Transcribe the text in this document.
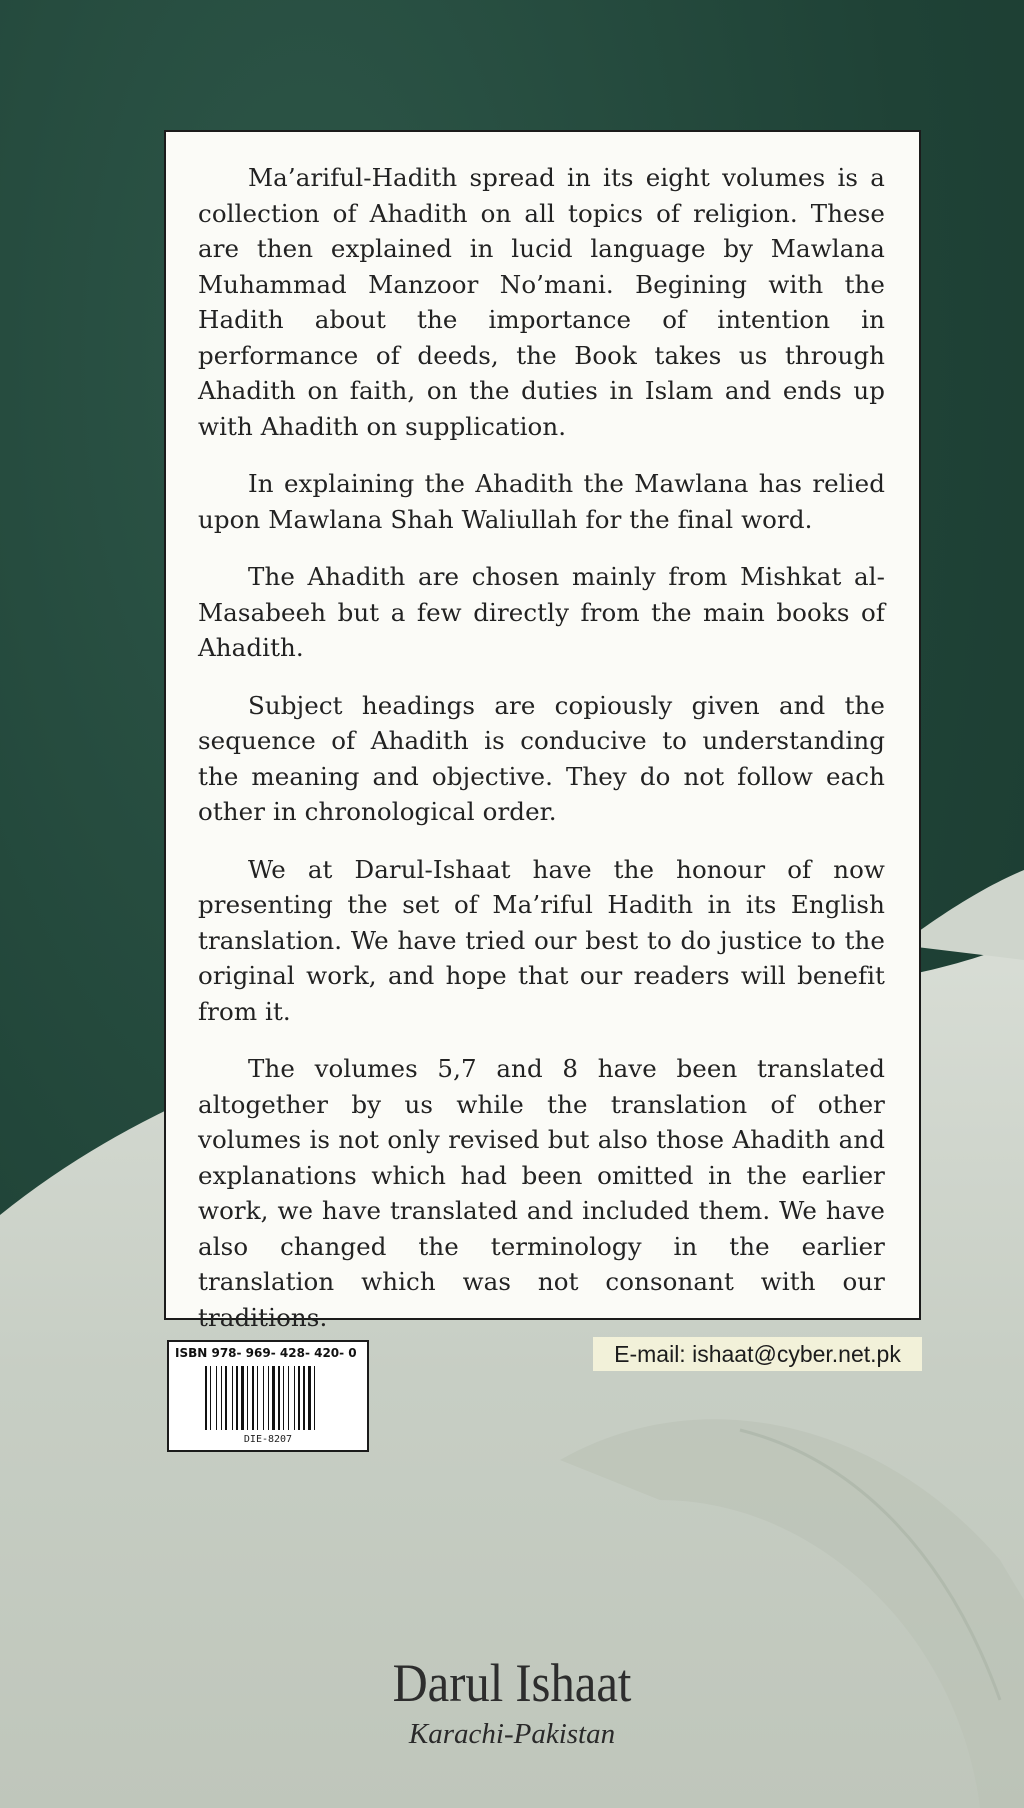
Ma’ariful-Hadith spread in its eight volumes is a collection of Ahadith on all topics of religion. These are then explained in lucid language by Mawlana Muhammad Manzoor No’mani. Begining with the Hadith about the importance of intention in performance of deeds, the Book takes us through Ahadith on faith, on the duties in Islam and ends up with Ahadith on supplication.

In explaining the Ahadith the Mawlana has relied upon Mawlana Shah Waliullah for the final word.

The Ahadith are chosen mainly from Mishkat al-Masabeeh but a few directly from the main books of Ahadith.

Subject headings are copiously given and the sequence of Ahadith is conducive to understanding the meaning and objective. They do not follow each other in chronological order.

We at Darul-Ishaat have the honour of now presenting the set of Ma’riful Hadith in its English translation. We have tried our best to do justice to the original work, and hope that our readers will benefit from it.

The volumes 5,7 and 8 have been translated altogether by us while the translation of other volumes is not only revised but also those Ahadith and explanations which had been omitted in the earlier work, we have translated and included them. We have also changed the terminology in the earlier translation which was not consonant with our traditions.

ISBN 978- 969- 428- 420- 0
DIE-8207
E-mail: ishaat@cyber.net.pk
Darul Ishaat
Karachi-Pakistan
